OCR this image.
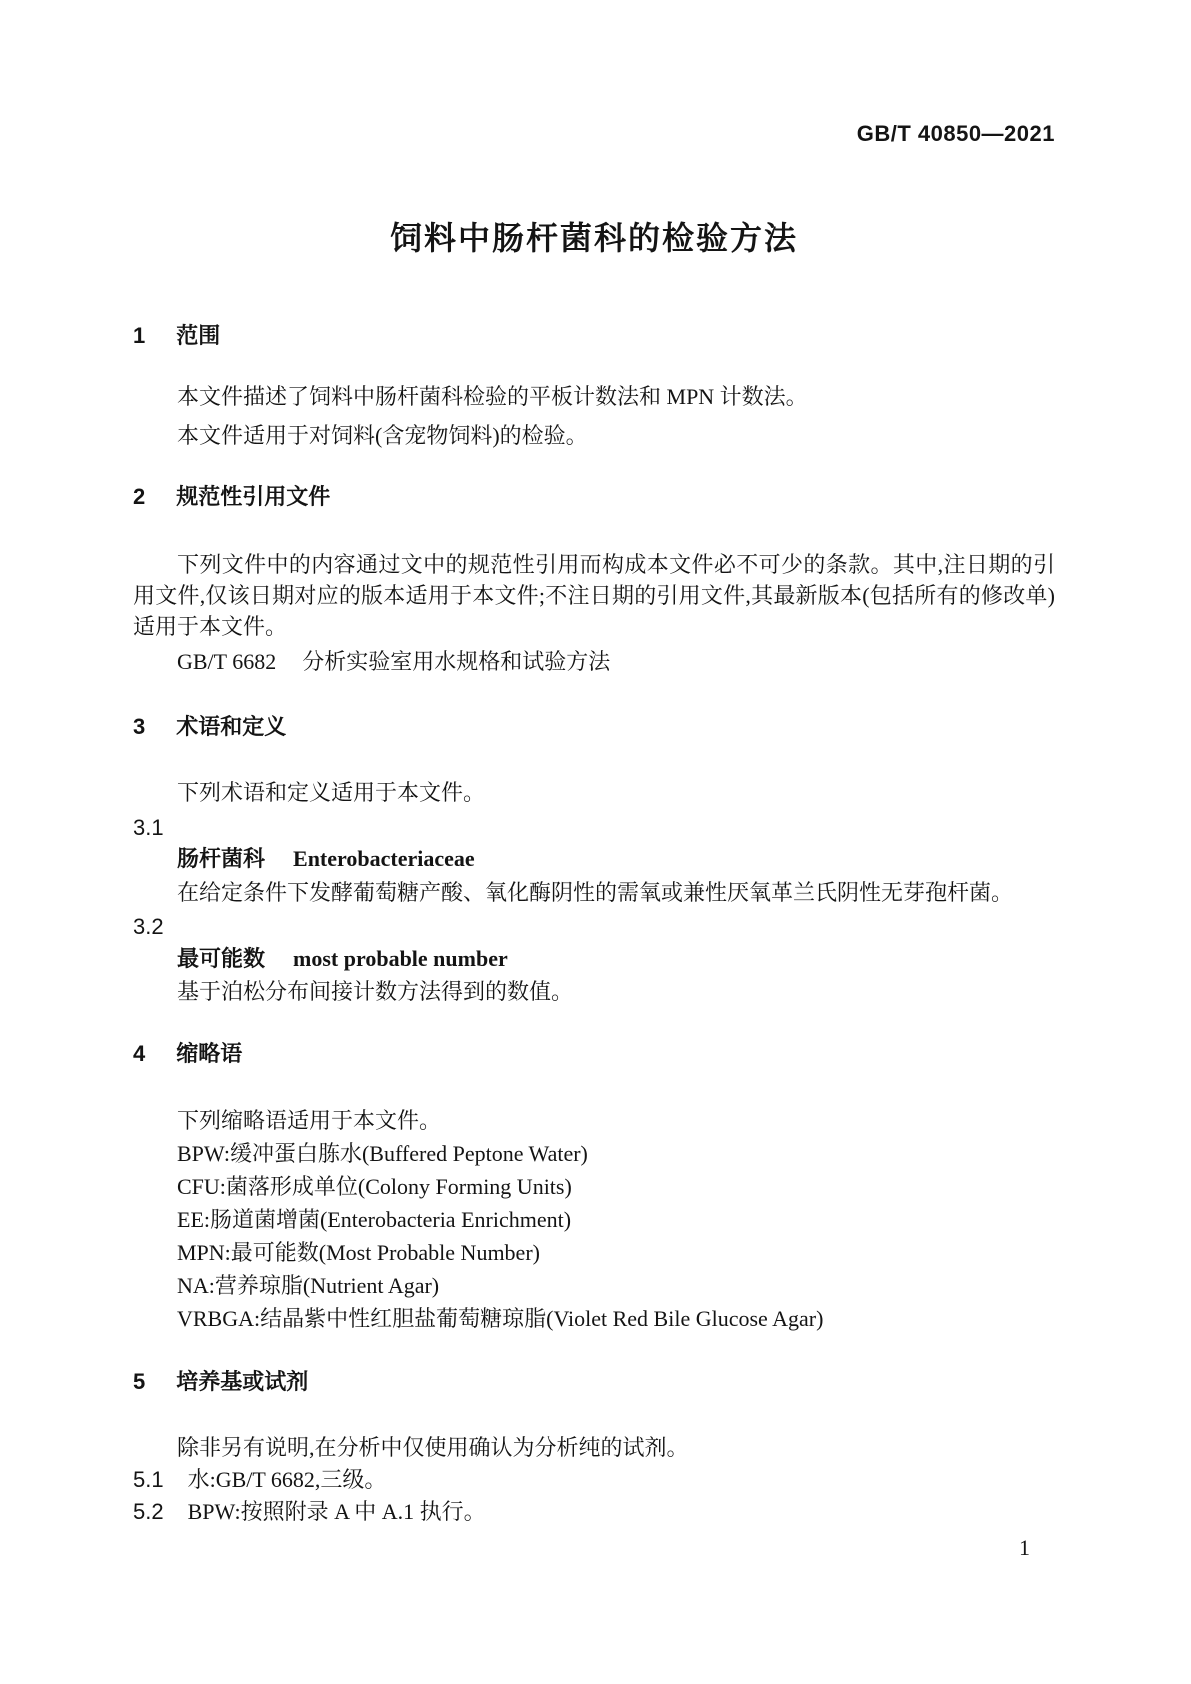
GB/T 40850—2021
饲料中肠杆菌科的检验方法
1 范围
本文件描述了饲料中肠杆菌科检验的平板计数法和 MPN 计数法。
本文件适用于对饲料(含宠物饲料)的检验。
2 规范性引用文件
下列文件中的内容通过文中的规范性引用而构成本文件必不可少的条款。其中,注日期的引用文件,仅该日期对应的版本适用于本文件;不注日期的引用文件,其最新版本(包括所有的修改单)适用于本文件。
GB/T 6682 分析实验室用水规格和试验方法
3 术语和定义
下列术语和定义适用于本文件。
3.1
肠杆菌科 Enterobacteriaceae
在给定条件下发酵葡萄糖产酸、氧化酶阴性的需氧或兼性厌氧革兰氏阴性无芽孢杆菌。
3.2
最可能数 most probable number
基于泊松分布间接计数方法得到的数值。
4 缩略语
下列缩略语适用于本文件。
BPW:缓冲蛋白胨水(Buffered Peptone Water)
CFU:菌落形成单位(Colony Forming Units)
EE:肠道菌增菌(Enterobacteria Enrichment)
MPN:最可能数(Most Probable Number)
NA:营养琼脂(Nutrient Agar)
VRBGA:结晶紫中性红胆盐葡萄糖琼脂(Violet Red Bile Glucose Agar)
5 培养基或试剂
除非另有说明,在分析中仅使用确认为分析纯的试剂。
5.1 水:GB/T 6682,三级。
5.2 BPW:按照附录 A 中 A.1 执行。
1
